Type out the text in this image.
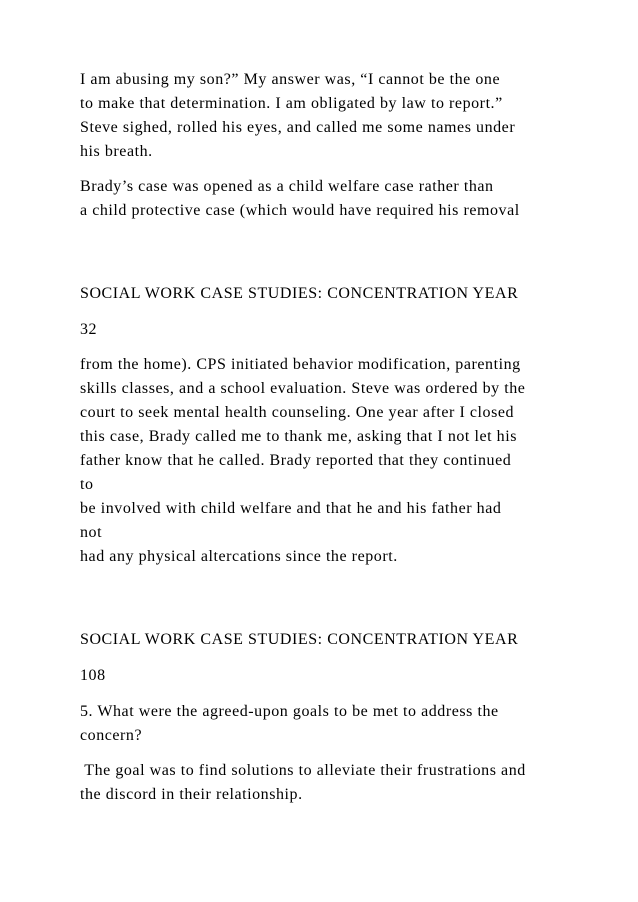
I am abusing my son?” My answer was, “I cannot be the one

to make that determination. I am obligated by law to report.”

Steve sighed, rolled his eyes, and called me some names under

his breath.

Brady’s case was opened as a child welfare case rather than

a child protective case (which would have required his removal

SOCIAL WORK CASE STUDIES: CONCENTRATION YEAR

32

from the home). CPS initiated behavior modification, parenting

skills classes, and a school evaluation. Steve was ordered by the

court to seek mental health counseling. One year after I closed

this case, Brady called me to thank me, asking that I not let his

father know that he called. Brady reported that they continued

to

be involved with child welfare and that he and his father had

not

had any physical altercations since the report.

SOCIAL WORK CASE STUDIES: CONCENTRATION YEAR

108

5. What were the agreed-upon goals to be met to address the

concern?

The goal was to find solutions to alleviate their frustrations and

the discord in their relationship.
